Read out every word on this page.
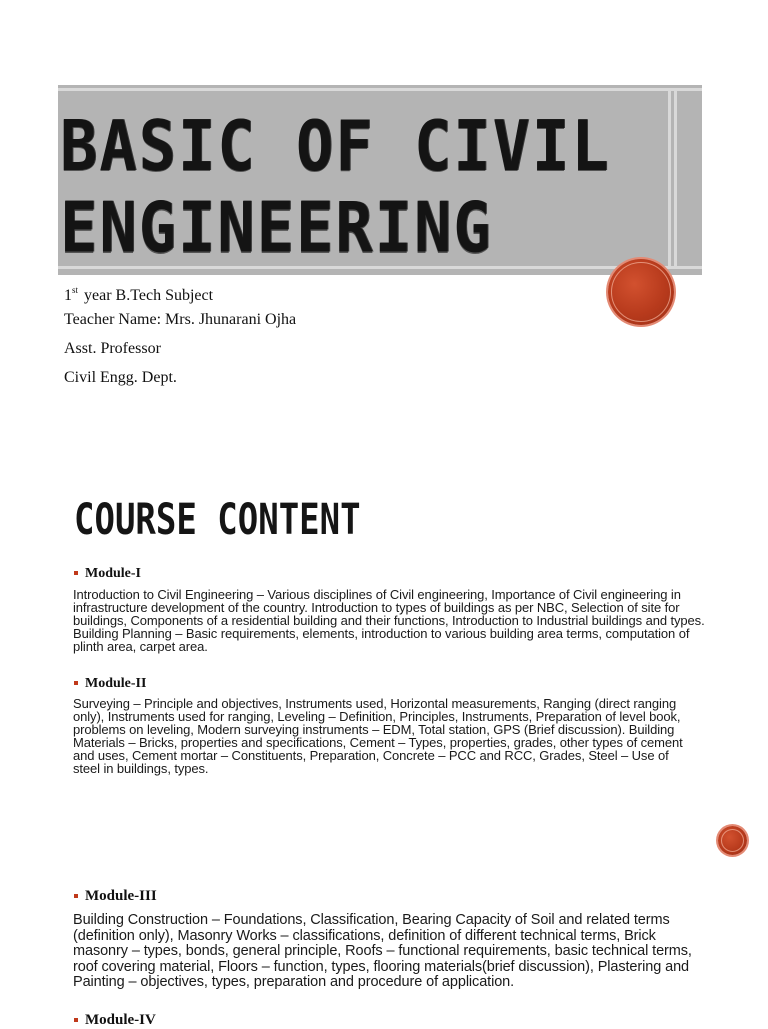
BASIC OF CIVIL
ENGINEERING
1st year B.Tech Subject
Teacher Name: Mrs. Jhunarani Ojha
Asst. Professor
Civil Engg. Dept.
COURSE CONTENT

Module-I

Introduction to Civil Engineering – Various disciplines of Civil engineering, Importance of Civil engineering in infrastructure development of the country. Introduction to types of buildings as per NBC, Selection of site for buildings, Components of a residential building and their functions, Introduction to Industrial buildings and types. Building Planning – Basic requirements, elements, introduction to various building area terms, computation of plinth area, carpet area.

Module-II

Surveying – Principle and objectives, Instruments used, Horizontal measurements, Ranging (direct ranging only), Instruments used for ranging, Leveling – Definition, Principles, Instruments, Preparation of level book, problems on leveling, Modern surveying instruments – EDM, Total station, GPS (Brief discussion). Building Materials – Bricks, properties and specifications, Cement – Types, properties, grades, other types of cement and uses, Cement mortar – Constituents, Preparation, Concrete – PCC and RCC, Grades, Steel – Use of steel in buildings, types.

Module-III

Building Construction – Foundations, Classification, Bearing Capacity of Soil and related terms (definition only), Masonry Works – classifications, definition of different technical terms, Brick masonry – types, bonds, general principle, Roofs – functional requirements, basic technical terms, roof covering material, Floors – function, types, flooring materials(brief discussion), Plastering and Painting – objectives, types, preparation and procedure of application.

Module-IV
